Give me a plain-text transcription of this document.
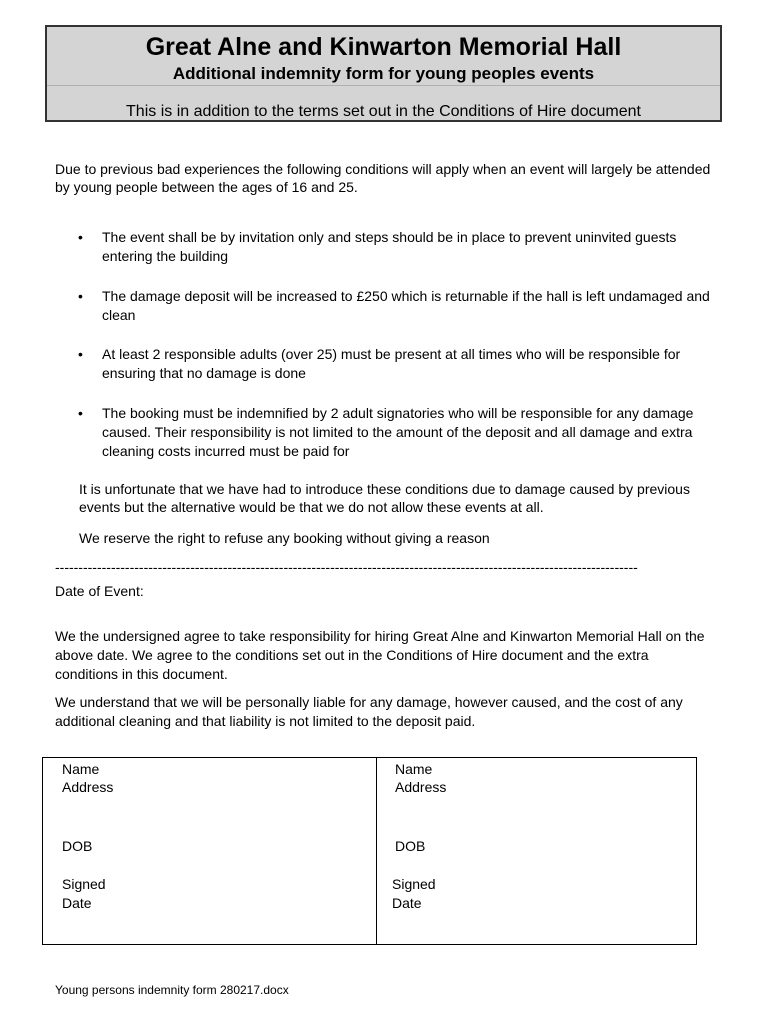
Great Alne and Kinwarton Memorial Hall
Additional indemnity form for young peoples events
This is in addition to the terms set out in the Conditions of Hire document
Due to previous bad experiences the following conditions will apply when an event will largely be attended by young people between the ages of 16 and 25.
• The event shall be by invitation only and steps should be in place to prevent uninvited guests entering the building
• The damage deposit will be increased to £250 which is returnable if the hall is left undamaged and clean
• At least 2 responsible adults (over 25) must be present at all times who will be responsible for ensuring that no damage is done
• The booking must be indemnified by 2 adult signatories who will be responsible for any damage caused. Their responsibility is not limited to the amount of the deposit and all damage and extra cleaning costs incurred must be paid for
It is unfortunate that we have had to introduce these conditions due to damage caused by previous events but the alternative would be that we do not allow these events at all.
We reserve the right to refuse any booking without giving a reason
-----------------------------------------------------------------------------------------------------------------------------
Date of Event:
We the undersigned agree to take responsibility for hiring Great Alne and Kinwarton Memorial Hall on the above date. We agree to the conditions set out in the Conditions of Hire document and the extra conditions in this document.
We understand that we will be personally liable for any damage, however caused, and the cost of any additional cleaning and that liability is not limited to the deposit paid.
Name
Address
DOB
Signed
Date
Name
Address
DOB
Signed
Date
Young persons indemnity form 280217.docx
